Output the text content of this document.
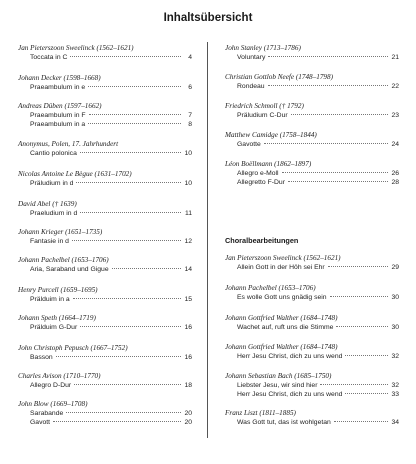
Inhaltsübersicht
Jan Pieterszoon Sweelinck (1562–1621)
Toccata in C	4
Johann Decker (1598–1668)
Praeambulum in e	6
Andreas Düben (1597–1662)
Praeambulum in F	7
Praeambulum in a	8
Anonymus, Polen, 17. Jahrhundert
Cantio polonica	10
Nicolas Antoine Le Bègue (1631–1702)
Präludium in d	10
David Abel († 1639)
Praeludium in d	11
Johann Krieger (1651–1735)
Fantasie in d	12
Johann Pachelbel (1653–1706)
Aria, Saraband und Gigue	14
Henry Purcell (1659–1695)
Prälduim in a	15
Johann Speth (1664–1719)
Prälduim G-Dur	16
John Christoph Pepusch (1667–1752)
Basson	16
Charles Avison (1710–1770)
Allegro D-Dur	18
John Blow (1669–1708)
Sarabande	20
Gavott	20
John Stanley (1713–1786)
Voluntary	21
Christian Gottlob Neefe (1748–1798)
Rondeau	22
Friedrich Schmoll († 1792)
Präludium C-Dur	23
Matthew Camidge (1758–1844)
Gavotte	24
Léon Boëllmann (1862–1897)
Allegro e-Moll	26
Allegretto F-Dur	28
Choralbearbeitungen
Jan Pieterszoon Sweelinck (1562–1621)
Allein Gott in der Höh sei Ehr	29
Johann Pachelbel (1653–1706)
Es wolle Gott uns gnädig sein	30
Johann Gottfried Walther (1684–1748)
Wachet auf, ruft uns die Stimme	30
Johann Gottfried Walther (1684–1748)
Herr Jesu Christ, dich zu uns wend	32
Johann Sebastian Bach (1685–1750)
Liebster Jesu, wir sind hier	32
Herr Jesu Christ, dich zu uns wend	33
Franz Liszt (1811–1885)
Was Gott tut, das ist wohlgetan	34
